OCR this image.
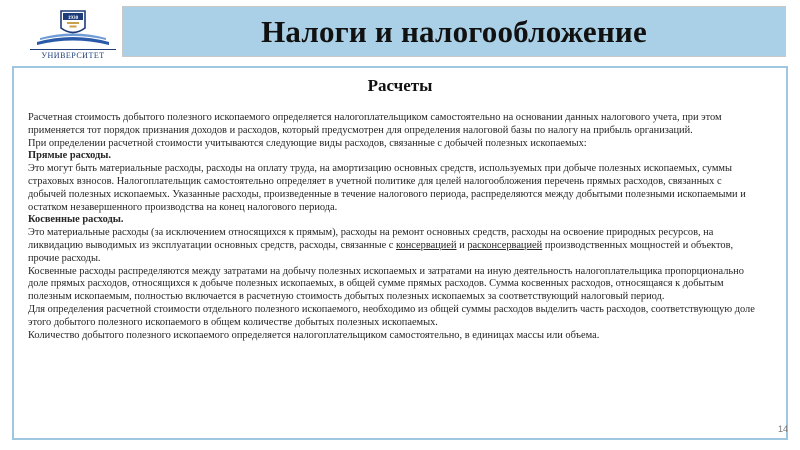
1930
УНИВЕРСИТЕТ
Налоги и налогообложение
Расчеты

Расчетная стоимость добытого полезного ископаемого определяется налогоплательщиком самостоятельно на основании данных налогового учета, при этом применяется тот порядок признания доходов и расходов, который предусмотрен для определения налоговой базы по налогу на прибыль организаций.

При определении расчетной стоимости учитываются следующие виды расходов, связанные с добычей полезных ископаемых:

Прямые расходы.

Это могут быть материальные расходы, расходы на оплату труда, на амортизацию основных средств, используемых при добыче полезных ископаемых, суммы страховых взносов. Налогоплательщик самостоятельно определяет в учетной политике для целей налогообложения перечень прямых расходов, связанных с добычей полезных ископаемых. Указанные расходы, произведенные в течение налогового периода, распределяются между добытыми полезными ископаемыми и остатком незавершенного производства на конец налогового периода.

Косвенные расходы.

Это материальные расходы (за исключением относящихся к прямым), расходы на ремонт основных средств, расходы на освоение природных ресурсов, на ликвидацию выводимых из эксплуатации основных средств, расходы, связанные с консервацией и расконсервацией производственных мощностей и объектов, прочие расходы.

Косвенные расходы распределяются между затратами на добычу полезных ископаемых и затратами на иную деятельность налогоплательщика пропорционально доле прямых расходов, относящихся к добыче полезных ископаемых, в общей сумме прямых расходов. Сумма косвенных расходов, относящаяся к добытым полезным ископаемым, полностью включается в расчетную стоимость добытых полезных ископаемых за соответствующий налоговый период.

Для определения расчетной стоимости отдельного полезного ископаемого, необходимо из общей суммы расходов выделить часть расходов, соответствующую доле этого добытого полезного ископаемого в общем количестве добытых полезных ископаемых.

Количество добытого полезного ископаемого определяется налогоплательщиком самостоятельно, в единицах массы или объема.

14
